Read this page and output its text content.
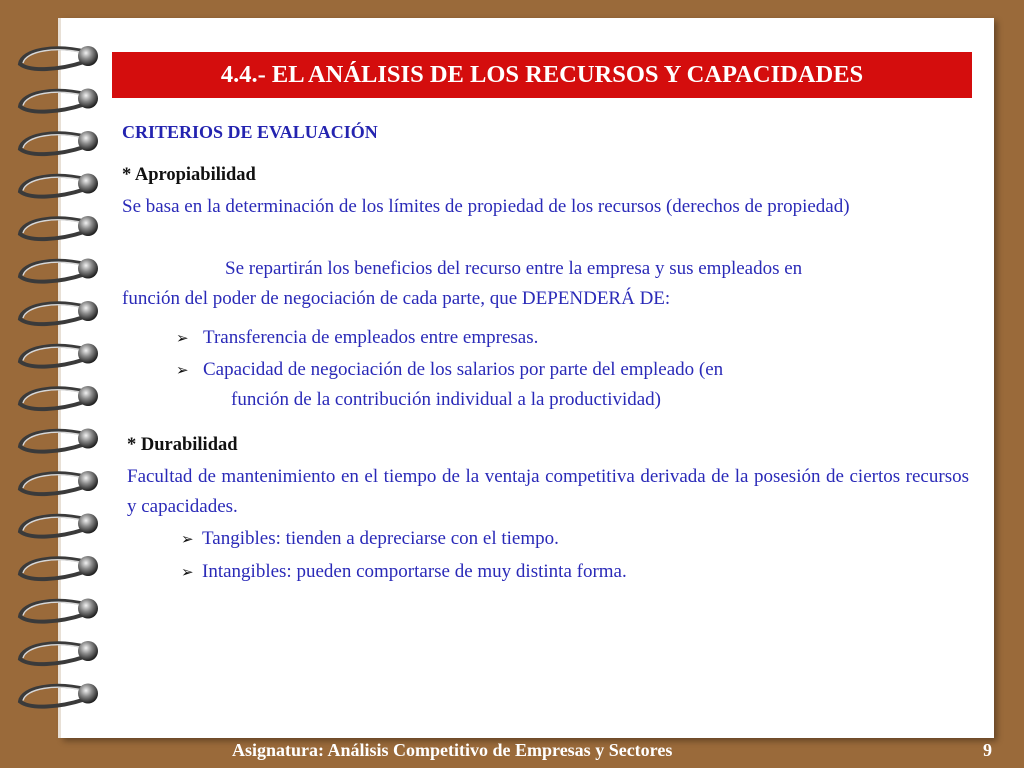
4.4.- EL ANÁLISIS DE LOS RECURSOS Y CAPACIDADES
CRITERIOS DE EVALUACIÓN
* Apropiabilidad
Se basa en la determinación de los límites de propiedad de los recursos (derechos de propiedad)
Se repartirán los beneficios del recurso entre la empresa y sus empleados en
función del poder de negociación de cada parte, que DEPENDERÁ DE:
➢ Transferencia de empleados entre empresas.
➢ Capacidad de negociación de los salarios por parte del empleado (en
función de la contribución individual a la productividad)
* Durabilidad
Facultad de mantenimiento en el tiempo de la ventaja competitiva derivada de la posesión de ciertos recursos y capacidades.
➢ Tangibles: tienden a depreciarse con el tiempo.
➢ Intangibles: pueden comportarse de muy distinta forma.
Asignatura: Análisis Competitivo de Empresas y Sectores	9
